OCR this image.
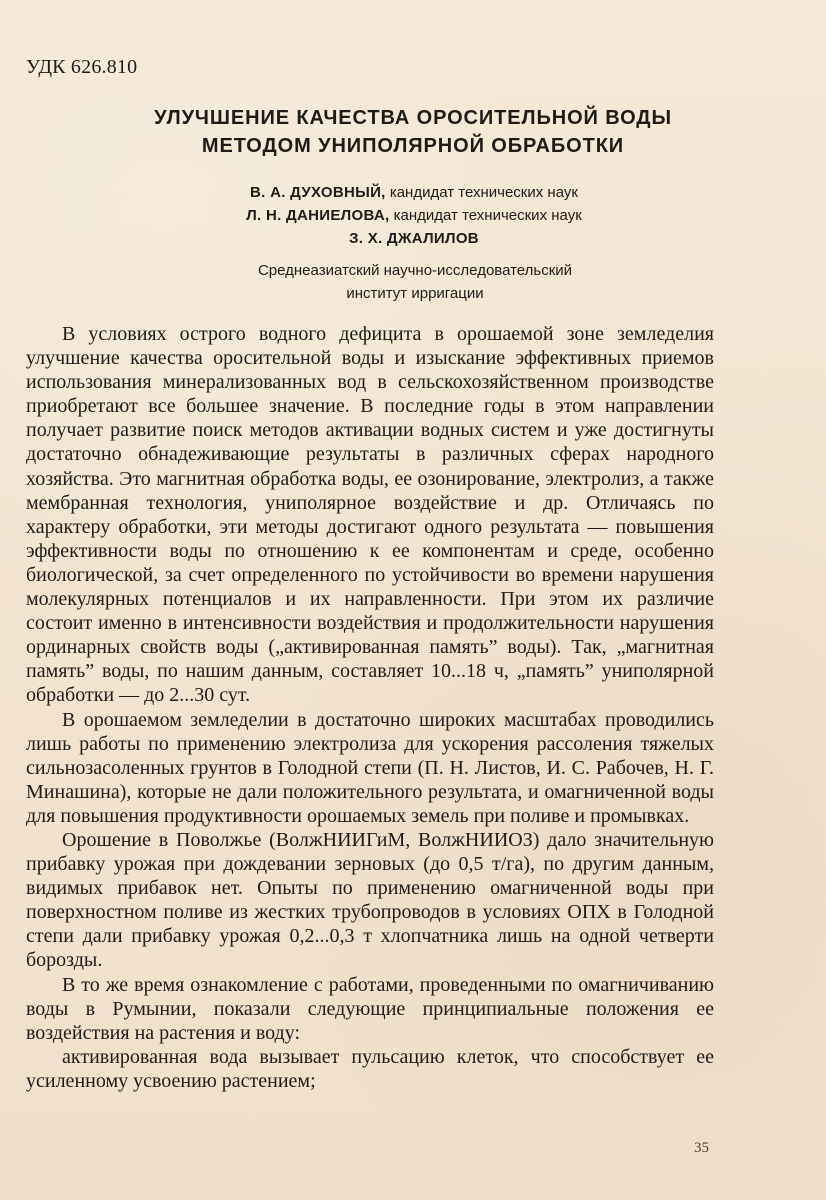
УДК 626.810
УЛУЧШЕНИЕ КАЧЕСТВА ОРОСИТЕЛЬНОЙ ВОДЫ
МЕТОДОМ УНИПОЛЯРНОЙ ОБРАБОТКИ
В. А. ДУХОВНЫЙ, кандидат технических наук
Л. Н. ДАНИЕЛОВА, кандидат технических наук
З. Х. ДЖАЛИЛОВ
Среднеазиатский научно-исследовательский
институт ирригации

В условиях острого водного дефицита в орошаемой зоне земледелия улучшение качества оросительной воды и изыскание эффективных приемов использования минерализованных вод в сельскохозяйственном производстве приобретают все большее значение. В последние годы в этом направлении получает развитие поиск методов активации водных систем и уже достигнуты достаточно обнадеживающие результаты в различных сферах народного хозяйства. Это магнитная обработка воды, ее озонирование, электролиз, а также мембранная технология, униполярное воздействие и др. Отличаясь по характеру обработки, эти методы достигают одного результата — повышения эффективности воды по отношению к ее компонентам и среде, особенно биологической, за счет определенного по устойчивости во времени нарушения молекулярных потенциалов и их направленности. При этом их различие состоит именно в интенсивности воздействия и продолжительности нарушения ординарных свойств воды („активированная память” воды). Так, „магнитная память” воды, по нашим данным, составляет 10...18 ч, „память” униполярной обработки — до 2...30 сут.

В орошаемом земледелии в достаточно широких масштабах проводились лишь работы по применению электролиза для ускорения рассоления тяжелых сильнозасоленных грунтов в Голодной степи (П. Н. Листов, И. С. Рабочев, Н. Г. Минашина), которые не дали положительного результата, и омагниченной воды для повышения продуктивности орошаемых земель при поливе и промывках.

Орошение в Поволжье (ВолжНИИГиМ, ВолжНИИОЗ) дало значительную прибавку урожая при дождевании зерновых (до 0,5 т/га), по другим данным, видимых прибавок нет. Опыты по применению омагниченной воды при поверхностном поливе из жестких трубопроводов в условиях ОПХ в Голодной степи дали прибавку урожая 0,2...0,3 т хлопчатника лишь на одной четверти борозды.

В то же время ознакомление с работами, проведенными по омагничиванию воды в Румынии, показали следующие принципиальные положения ее воздействия на растения и воду:

активированная вода вызывает пульсацию клеток, что способствует ее усиленному усвоению растением;

35
